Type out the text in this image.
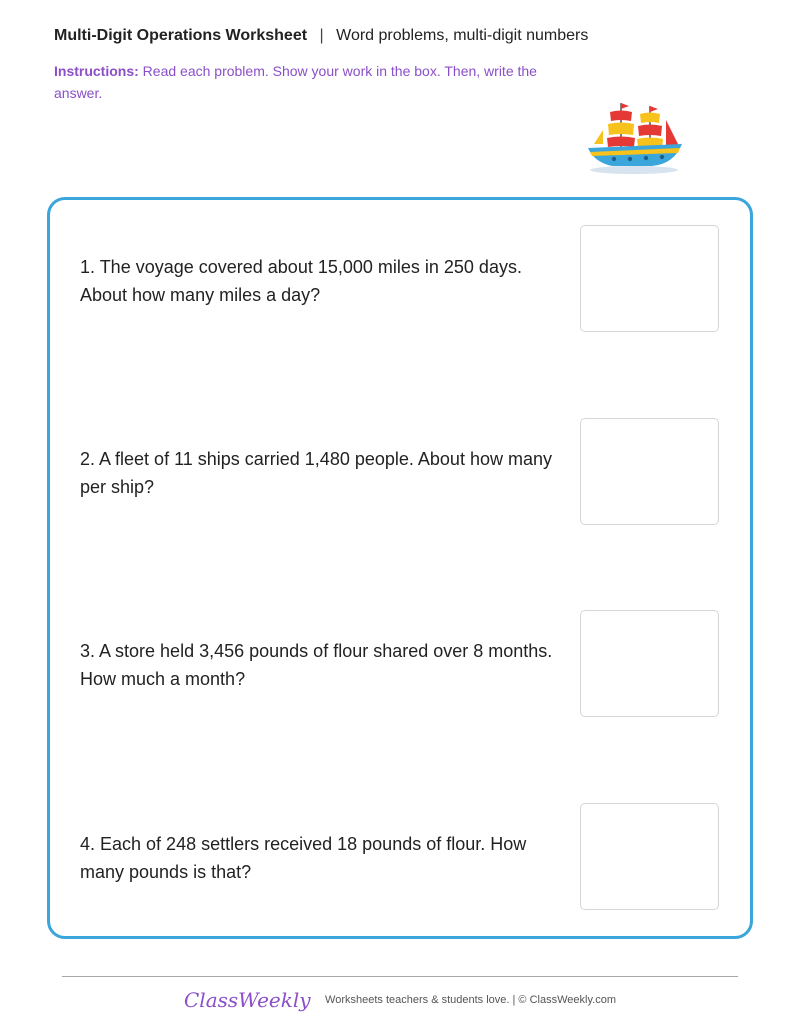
Multi-Digit Operations Worksheet | Word problems, multi-digit numbers
Instructions: Read each problem. Show your work in the box. Then, write the answer.
1. The voyage covered about 15,000 miles in 250 days. About how many miles a day?
2. A fleet of 11 ships carried 1,480 people. About how many per ship?
3. A store held 3,456 pounds of flour shared over 8 months. How much a month?
4. Each of 248 settlers received 18 pounds of flour. How many pounds is that?
ClassWeekly Worksheets teachers & students love. | © ClassWeekly.com
